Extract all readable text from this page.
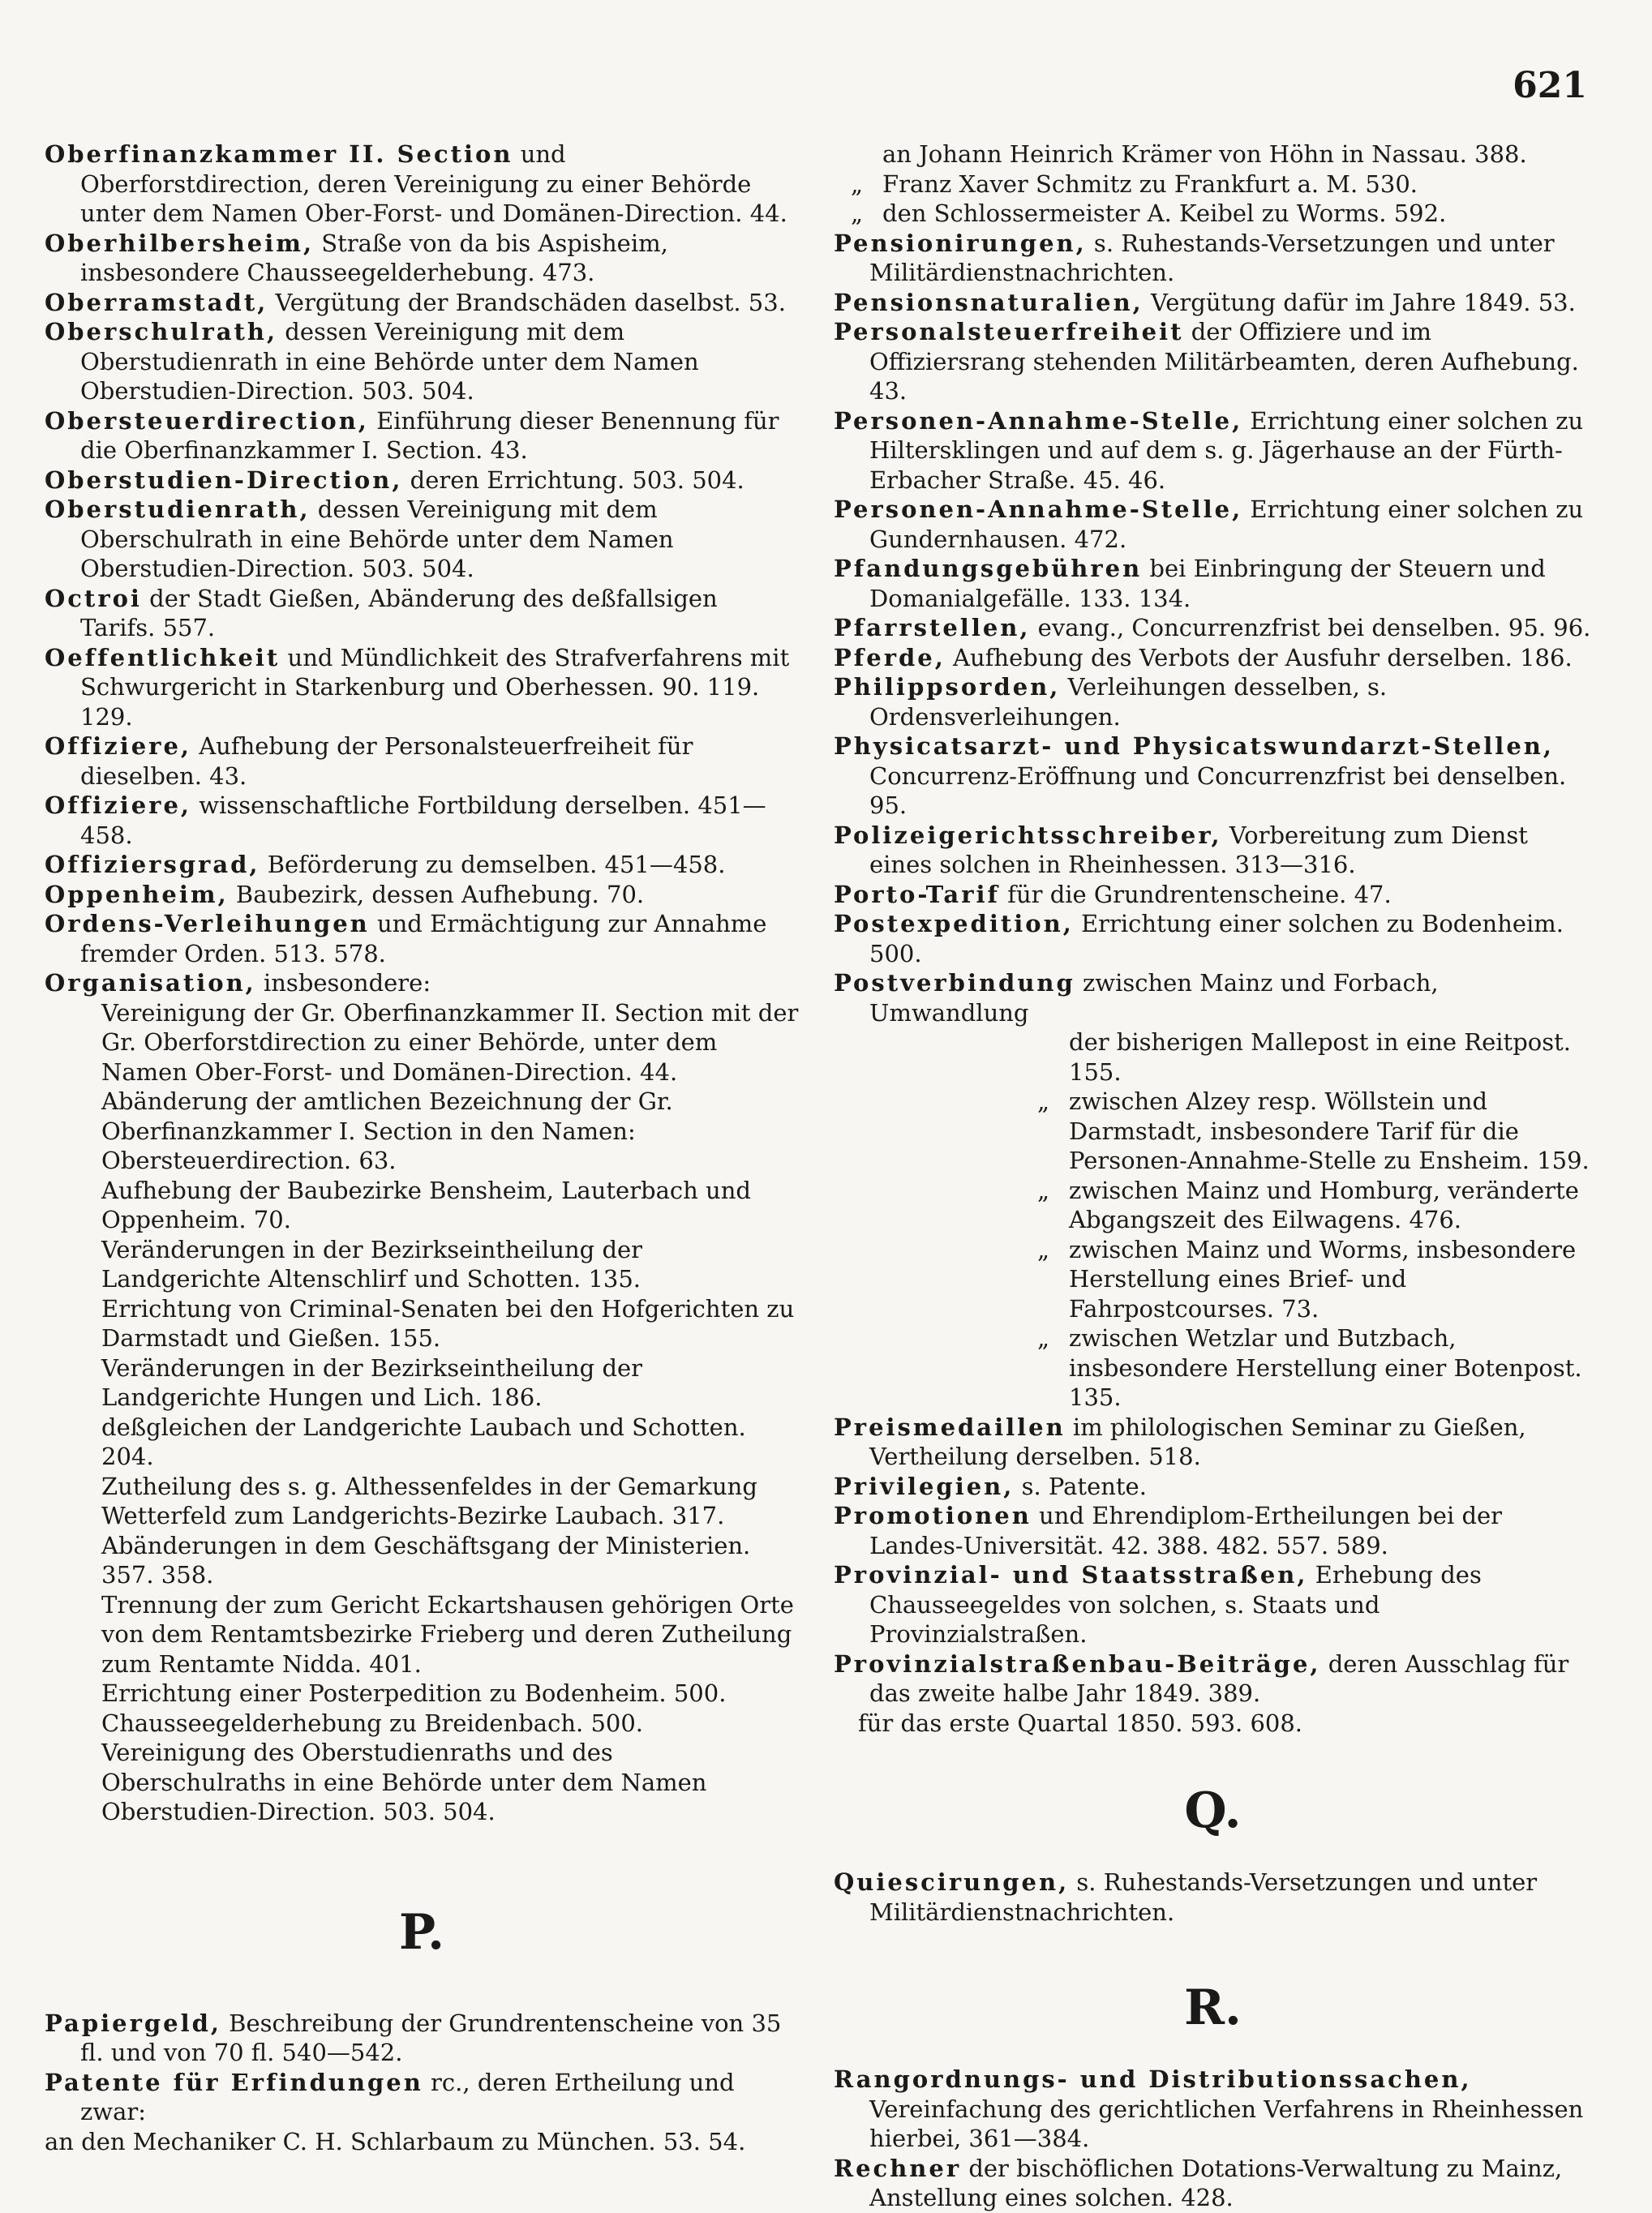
621

Oberfinanzkammer II. Section und Oberforstdirection, deren Vereinigung zu einer Behörde unter dem Namen Ober-Forst- und Domänen-Direction. 44.

Oberhilbersheim, Straße von da bis Aspisheim, insbesondere Chausseegelderhebung. 473.

Oberramstadt, Vergütung der Brandschäden daselbst. 53.

Oberschulrath, dessen Vereinigung mit dem Oberstudienrath in eine Behörde unter dem Namen Oberstudien-Direction. 503. 504.

Obersteuerdirection, Einführung dieser Benennung für die Oberfinanzkammer I. Section. 43.

Oberstudien-Direction, deren Errichtung. 503. 504.

Oberstudienrath, dessen Vereinigung mit dem Oberschulrath in eine Behörde unter dem Namen Oberstudien-Direction. 503. 504.

Octroi der Stadt Gießen, Abänderung des deßfallsigen Tarifs. 557.

Oeffentlichkeit und Mündlichkeit des Strafverfahrens mit Schwurgericht in Starkenburg und Oberhessen. 90. 119. 129.

Offiziere, Aufhebung der Personalsteuerfreiheit für dieselben. 43.

Offiziere, wissenschaftliche Fortbildung derselben. 451—458.

Offiziersgrad, Beförderung zu demselben. 451—458.

Oppenheim, Baubezirk, dessen Aufhebung. 70.

Ordens-Verleihungen und Ermächtigung zur Annahme fremder Orden. 513. 578.

Organisation, insbesondere:

Vereinigung der Gr. Oberfinanzkammer II. Section mit der Gr. Oberforstdirection zu einer Behörde, unter dem Namen Ober-Forst- und Domänen-Direction. 44.

Abänderung der amtlichen Bezeichnung der Gr. Oberfinanzkammer I. Section in den Namen: Obersteuerdirection. 63.

Aufhebung der Baubezirke Bensheim, Lauterbach und Oppenheim. 70.

Veränderungen in der Bezirkseintheilung der Landgerichte Altenschlirf und Schotten. 135.

Errichtung von Criminal-Senaten bei den Hofgerichten zu Darmstadt und Gießen. 155.

Veränderungen in der Bezirkseintheilung der Landgerichte Hungen und Lich. 186.

deßgleichen der Landgerichte Laubach und Schotten. 204.

Zutheilung des s. g. Althessenfeldes in der Gemarkung Wetterfeld zum Landgerichts-Bezirke Laubach. 317.

Abänderungen in dem Geschäftsgang der Ministerien. 357. 358.

Trennung der zum Gericht Eckartshausen gehörigen Orte von dem Rentamtsbezirke Frieberg und deren Zutheilung zum Rentamte Nidda. 401.

Errichtung einer Posterpedition zu Bodenheim. 500.

Chausseegelderhebung zu Breidenbach. 500.

Vereinigung des Oberstudienraths und des Oberschulraths in eine Behörde unter dem Namen Oberstudien-Direction. 503. 504.

P.

Papiergeld, Beschreibung der Grundrentenscheine von 35 fl. und von 70 fl. 540—542.

Patente für Erfindungen rc., deren Ertheilung und zwar:

an den Mechaniker C. H. Schlarbaum zu München. 53. 54.

an Johann Heinrich Krämer von Höhn in Nassau. 388.
„ Franz Xaver Schmitz zu Frankfurt a. M. 530.
„ den Schlossermeister A. Keibel zu Worms. 592.

Pensionirungen, s. Ruhestands-Versetzungen und unter Militärdienstnachrichten.

Pensionsnaturalien, Vergütung dafür im Jahre 1849. 53.

Personalsteuerfreiheit der Offiziere und im Offiziersrang stehenden Militärbeamten, deren Aufhebung. 43.

Personen-Annahme-Stelle, Errichtung einer solchen zu Hiltersklingen und auf dem s. g. Jägerhause an der Fürth-Erbacher Straße. 45. 46.

Personen-Annahme-Stelle, Errichtung einer solchen zu Gundernhausen. 472.

Pfandungsgebühren bei Einbringung der Steuern und Domanialgefälle. 133. 134.

Pfarrstellen, evang., Concurrenzfrist bei denselben. 95. 96.

Pferde, Aufhebung des Verbots der Ausfuhr derselben. 186.

Philippsorden, Verleihungen desselben, s. Ordensverleihungen.

Physicatsarzt- und Physicatswundarzt-Stellen, Concurrenz-Eröffnung und Concurrenzfrist bei denselben. 95.

Polizeigerichtsschreiber, Vorbereitung zum Dienst eines solchen in Rheinhessen. 313—316.

Porto-Tarif für die Grundrentenscheine. 47.

Postexpedition, Errichtung einer solchen zu Bodenheim. 500.

Postverbindung zwischen Mainz und Forbach, Umwandlung

der bisherigen Mallepost in eine Reitpost. 155.
„ zwischen Alzey resp. Wöllstein und Darmstadt, insbesondere Tarif für die Personen-Annahme-Stelle zu Ensheim. 159.
„ zwischen Mainz und Homburg, veränderte Abgangszeit des Eilwagens. 476.
„ zwischen Mainz und Worms, insbesondere Herstellung eines Brief- und Fahrpostcourses. 73.
„ zwischen Wetzlar und Butzbach, insbesondere Herstellung einer Botenpost. 135.

Preismedaillen im philologischen Seminar zu Gießen, Vertheilung derselben. 518.

Privilegien, s. Patente.

Promotionen und Ehrendiplom-Ertheilungen bei der Landes-Universität. 42. 388. 482. 557. 589.

Provinzial- und Staatsstraßen, Erhebung des Chausseegeldes von solchen, s. Staats und Provinzialstraßen.

Provinzialstraßenbau-Beiträge, deren Ausschlag für das zweite halbe Jahr 1849. 389.

für das erste Quartal 1850. 593. 608.

Q.

Quiescirungen, s. Ruhestands-Versetzungen und unter Militärdienstnachrichten.

R.

Rangordnungs- und Distributionssachen, Vereinfachung des gerichtlichen Verfahrens in Rheinhessen hierbei, 361—384.

Rechner der bischöflichen Dotations-Verwaltung zu Mainz, Anstellung eines solchen. 428.
